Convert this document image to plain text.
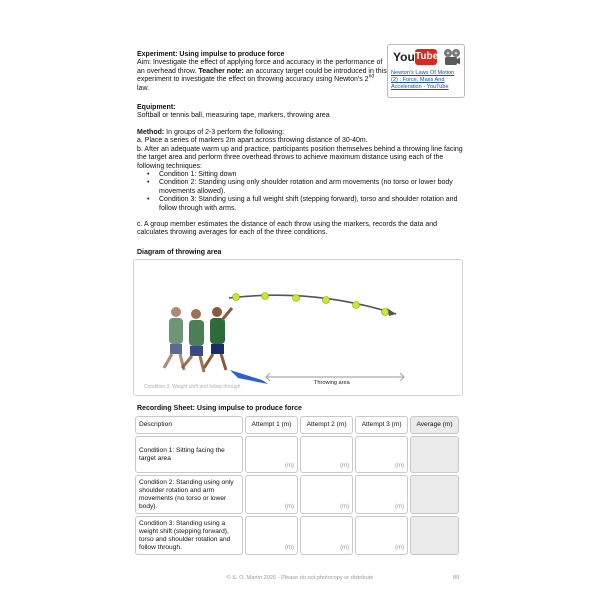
Experiment: Using impulse to produce force

Aim: Investigate the effect of applying force and accuracy in the performance of an overhead throw. Teacher note: an accuracy target could be introduced in this experiment to investigate the effect on throwing accuracy using Newton's 2nd law.

You Tube
Newton's Laws Of Motion (2) : Force, Mass And Acceleration - YouTube

Equipment:

Softball or tennis ball, measuring tape, markers, throwing area

Method: In groups of 2-3 perform the following:

a. Place a series of markers 2m apart across throwing distance of 30-40m.

b. After an adequate warm up and practice, participants position themselves behind a throwing line facing the target area and perform three overhead throws to achieve maximum distance using each of the following techniques:

• Condition 1: Sitting down
• Condition 2: Standing using only shoulder rotation and arm movements (no torso or lower body movements allowed).
• Condition 3: Standing using a full weight shift (stepping forward), torso and shoulder rotation and follow through with arms.

c. A group member estimates the distance of each throw using the markers, records the data and calculates throwing averages for each of the three conditions.

Diagram of throwing area
Condition 3: Weight shift and follow through
Throwing area
Recording Sheet: Using impulse to produce force
Description	Attempt 1 (m)	Attempt 2 (m)	Attempt 3 (m)	Average (m)
Condition 1: Sitting facing the target area	(m)	(m)	(m)	
Condition 2: Standing using only shoulder rotation and arm movements (no torso or lower body).	(m)	(m)	(m)	
Condition 3: Standing using a weight shift (stepping forward), torso and shoulder rotation and follow through.	(m)	(m)	(m)	
© S. O. Martin 2026 - Please do not photocopy or distribute	89
